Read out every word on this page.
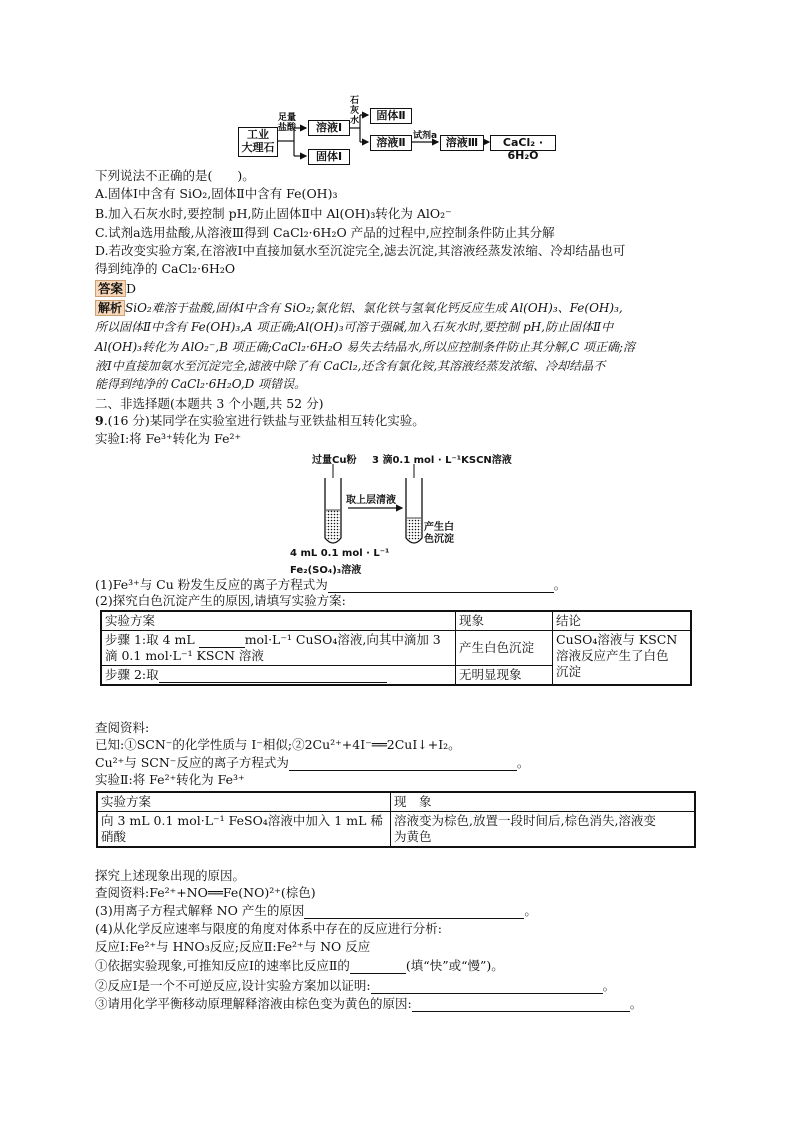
工业
大理石
足量
盐酸	溶液Ⅰ
固体Ⅰ
石
灰
水	固体Ⅱ
溶液Ⅱ 试剂a 溶液Ⅲ	CaCl₂ · 6H₂O
下列说法不正确的是(　　)。
A.固体Ⅰ中含有 SiO₂,固体Ⅱ中含有 Fe(OH)₃
B.加入石灰水时,要控制 pH,防止固体Ⅱ中 Al(OH)₃转化为 AlO₂⁻
C.试剂a选用盐酸,从溶液Ⅲ得到 CaCl₂·6H₂O 产品的过程中,应控制条件防止其分解
D.若改变实验方案,在溶液Ⅰ中直接加氨水至沉淀完全,滤去沉淀,其溶液经蒸发浓缩、冷却结晶也可
得到纯净的 CaCl₂·6H₂O
答案 D
解析 SiO₂难溶于盐酸,固体Ⅰ中含有 SiO₂;氯化铝、氯化铁与氢氧化钙反应生成 Al(OH)₃、Fe(OH)₃,
所以固体Ⅱ中含有 Fe(OH)₃,A 项正确;Al(OH)₃可溶于强碱,加入石灰水时,要控制 pH,防止固体Ⅱ中
Al(OH)₃转化为 AlO₂⁻,B 项正确;CaCl₂·6H₂O 易失去结晶水,所以应控制条件防止其分解,C 项正确;溶
液Ⅰ中直接加氨水至沉淀完全,滤液中除了有 CaCl₂,还含有氯化铵,其溶液经蒸发浓缩、冷却结晶不
能得到纯净的 CaCl₂·6H₂O,D 项错误。
二、非选择题(本题共 3 个小题,共 52 分)
9.(16 分)某同学在实验室进行铁盐与亚铁盐相互转化实验。
实验Ⅰ:将 Fe³⁺转化为 Fe²⁺
过量Cu粉 3 滴0.1 mol · L⁻¹KSCN溶液
取上层清液
产生白
色沉淀
4 mL 0.1 mol · L⁻¹
Fe₂(SO₄)₃溶液
(1)Fe³⁺与 Cu 粉发生反应的离子方程式为	。
(2)探究白色沉淀产生的原因,请填写实验方案:
实验方案	现象	结论
步骤 1:取 4 mL mol·L⁻¹ CuSO₄溶液,向其中滴加 3
滴 0.1 mol·L⁻¹ KSCN 溶液	产生白色沉淀	CuSO₄溶液与 KSCN
溶液反应产生了白色
沉淀
步骤 2:取	无明显现象	
查阅资料:
已知:①SCN⁻的化学性质与 I⁻相似;②2Cu²⁺+4I⁻══2CuI↓+I₂。
Cu²⁺与 SCN⁻反应的离子方程式为	。
实验Ⅱ:将 Fe²⁺转化为 Fe³⁺
实验方案	现　象
向 3 mL 0.1 mol·L⁻¹ FeSO₄溶液中加入 1 mL 稀
硝酸	溶液变为棕色,放置一段时间后,棕色消失,溶液变
为黄色
探究上述现象出现的原因。
查阅资料:Fe²⁺+NO══Fe(NO)²⁺(棕色)
(3)用离子方程式解释 NO 产生的原因	。
(4)从化学反应速率与限度的角度对体系中存在的反应进行分析:
反应Ⅰ:Fe²⁺与 HNO₃反应;反应Ⅱ:Fe²⁺与 NO 反应
①依据实验现象,可推知反应Ⅰ的速率比反应Ⅱ的	(填“快”或“慢”)。
②反应Ⅰ是一个不可逆反应,设计实验方案加以证明:	。
③请用化学平衡移动原理解释溶液由棕色变为黄色的原因:	。
